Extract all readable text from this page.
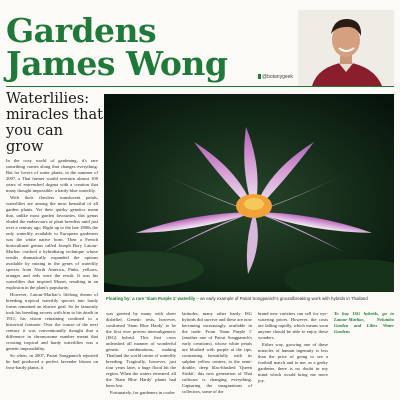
Gardens
James Wong	@botanygeek
Waterlilies: miracles that you can grow
Floating by: a rare 'Siam Purple 1' waterlily – an early example of Pairat Songpanich's groundbreaking work with hybrids in Thailand

In the cosy world of gardening, it's rare something comes along that changes everything. But for lovers of water plants, in the summer of 2007, a Thai farmer would overturn almost 100 years of entrenched dogma with a creation that many thought impossible: a hardy blue waterlily.

With their flawless translucent petals, waterlilies are among the most beautiful of all garden plants. Yet their quirky genetics mean that, unlike most garden favourites, this genus eluded the endeavours of plant breeders until just over a century ago. Right up to the late 1800s the only waterlily available to European gardeners was the white native form. Then a French horticultural genius called Joseph Bory Latour-Marliac cracked a hybridising technique whose results dramatically expanded the options available by mixing in the genes of waterlily species from North America, Pinks, yellows, oranges and reds were the result. It was his waterlilies that inspired Monet, resulting in an explosion in the plant's popularity.

However, Latour-Marliac's lifelong dream of breeding tropical waterlily species into hardy forms remained an elusive goal. So he famously took his breeding secrets with him to his death in 1911, his vision remaining confined to a historical footnote. Over the course of the next century it was conventionally thought that a difference in chromosome number meant that crossing tropical and hardy waterlilies was a genetic impossibility.

So when, in 2007, Pairat Songpanich reported he had produced a perfect lavender bloom on frost-hardy plants, it

was greeted by many with sheer disbelief. Genetic tests, however, confirmed 'Siam Blue Hardy' to be the first ever proven intersubgeneric (ISG) hybrid. This first cross unleashed all manner of wonderful genetic combinations, making Thailand the world centre of waterlily breeding. Tragically, however, just four years later, a huge flood hit the region. When the waters retreated, all the 'Siam Blue Hardy' plants had been lost.

Fortunately, for gardeners in cooler

latitudes, many other hardy ISG hybrids did survive and these are now becoming increasingly available in the trade. From 'Siam Purple 1' (another one of Pairat Songpanich's early creations), whose white petals are blushed with purple at the tips, contrasting beautifully with its sulphur yellow centres, to the semi-double, deep lilac-blushed 'Queen Sirikit', this new generation of Thai cultivars is changing everything. Capturing the imaginations of collectors, some of the

brand new varieties can sell for eye-watering prices. However, the costs are falling rapidly, which means soon anyone should be able to enjoy these wonders.

Either way, growing one of these miracles of human ingenuity is less than the price of going to see a football match and to me, as a geeky gardener, there is no doubt in my mind which would bring me more joy.

To buy ISG hybrids, go to Latour-Marliac, Nelumbo Garden and Lilies Water Gardens
